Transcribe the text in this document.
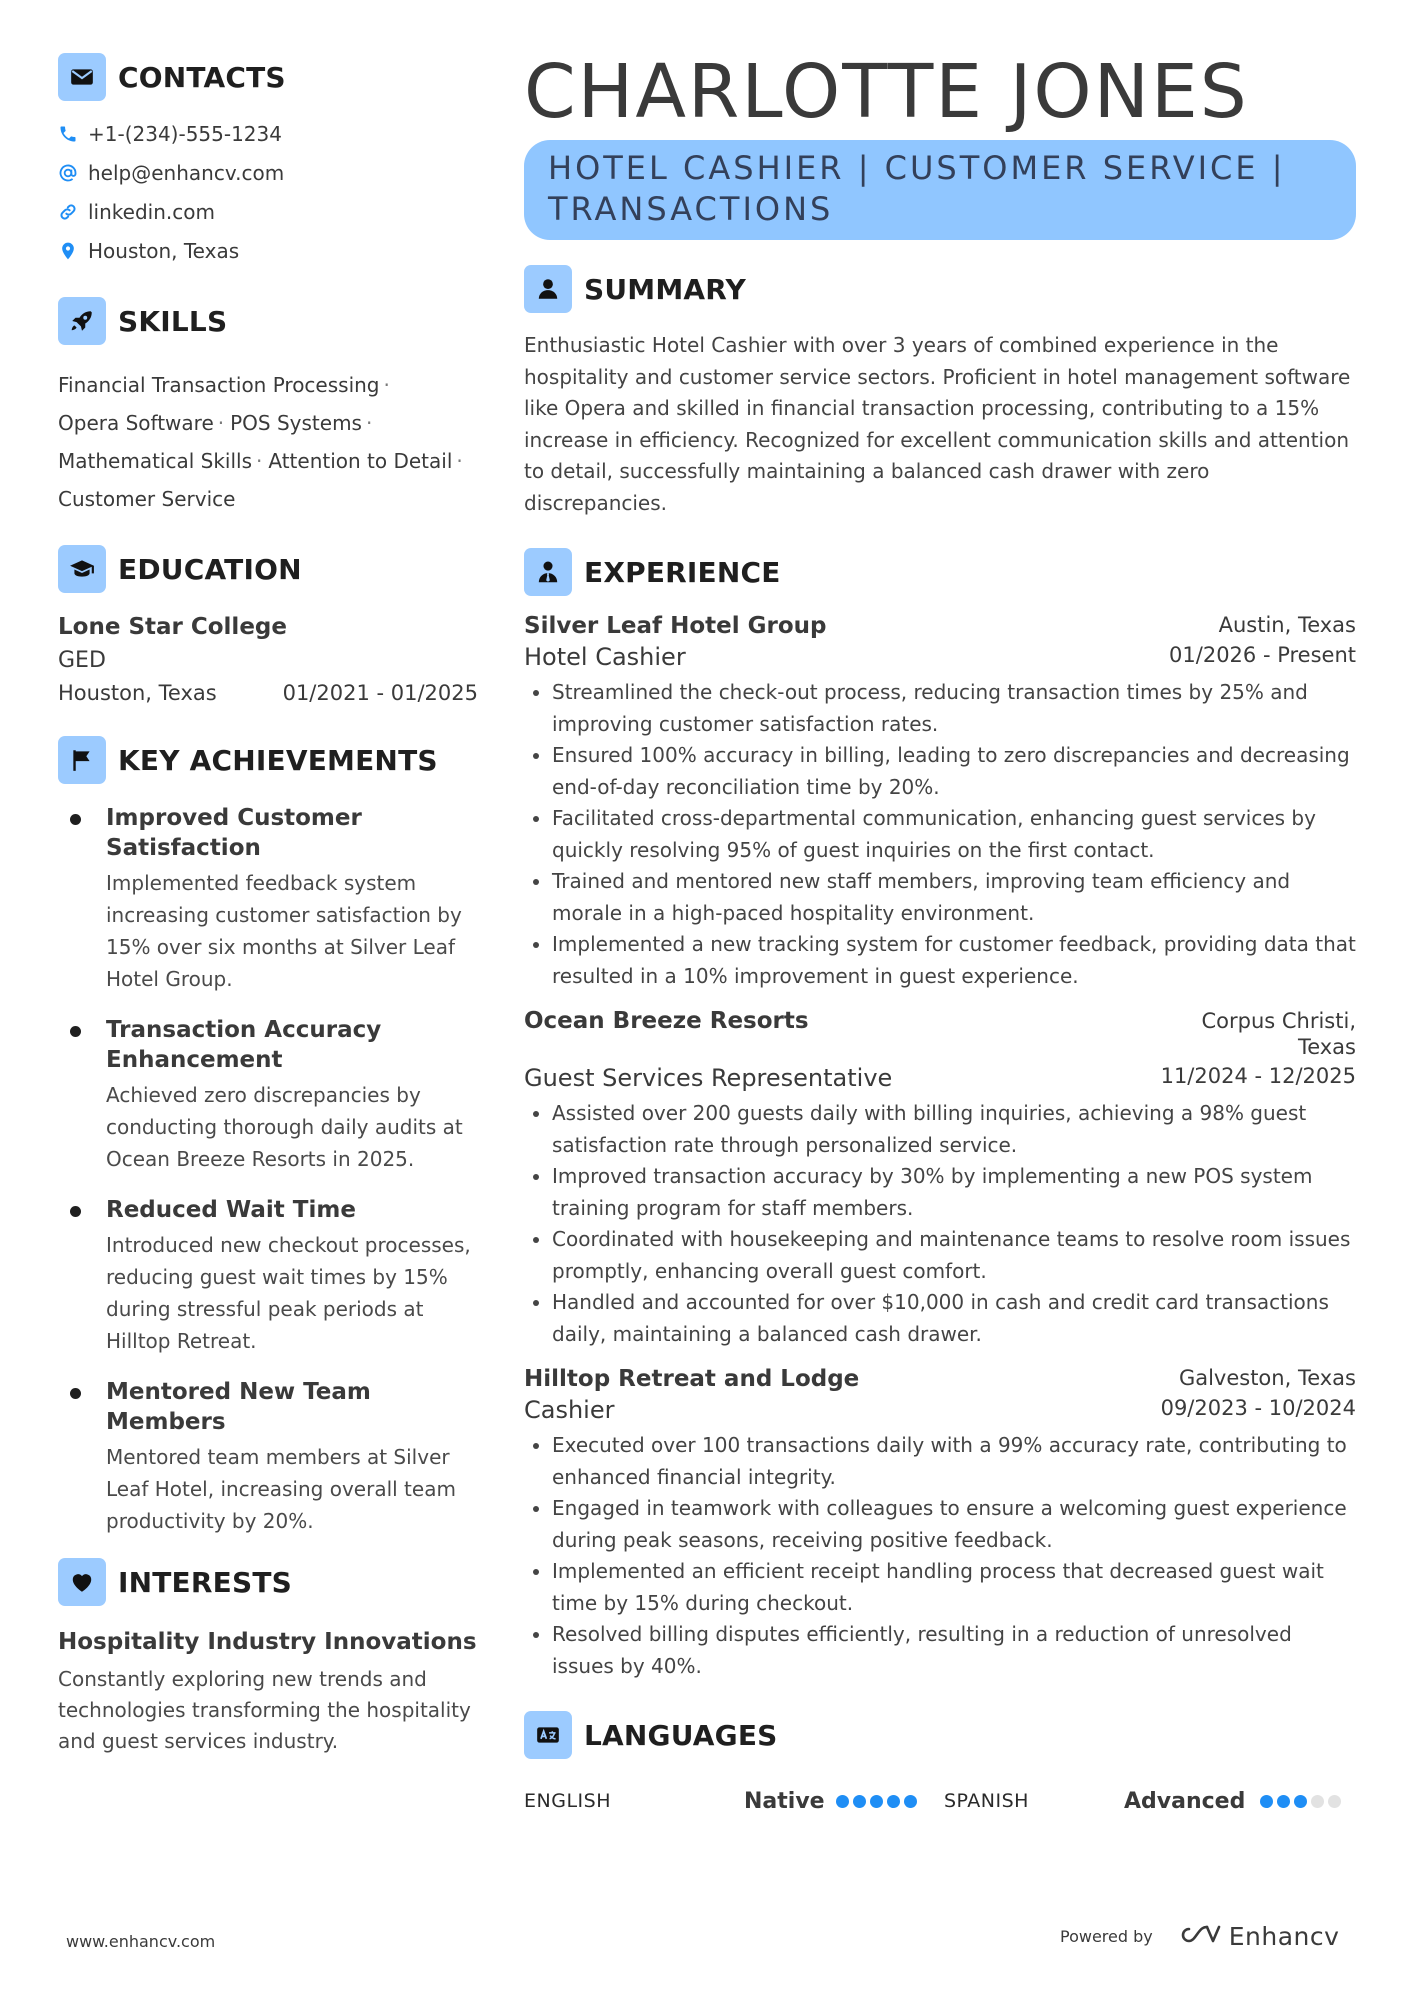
CONTACTS
+1-(234)-555-1234
help@enhancv.com
linkedin.com
Houston, Texas
SKILLS
Financial Transaction Processing ·
Opera Software · POS Systems ·
Mathematical Skills · Attention to Detail ·
Customer Service
EDUCATION
Lone Star College
GED
Houston, Texas	01/2021 - 01/2025
KEY ACHIEVEMENTS
Improved Customer Satisfaction
Implemented feedback system increasing customer satisfaction by 15% over six months at Silver Leaf Hotel Group.
Transaction Accuracy Enhancement
Achieved zero discrepancies by conducting thorough daily audits at Ocean Breeze Resorts in 2025.
Reduced Wait Time
Introduced new checkout processes, reducing guest wait times by 15% during stressful peak periods at Hilltop Retreat.
Mentored New Team Members
Mentored team members at Silver Leaf Hotel, increasing overall team productivity by 20%.
INTERESTS
Hospitality Industry Innovations
Constantly exploring new trends and technologies transforming the hospitality and guest services industry.
CHARLOTTE JONES
HOTEL CASHIER | CUSTOMER SERVICE | TRANSACTIONS
SUMMARY
Enthusiastic Hotel Cashier with over 3 years of combined experience in the hospitality and customer service sectors. Proficient in hotel management software like Opera and skilled in financial transaction processing, contributing to a 15% increase in efficiency. Recognized for excellent communication skills and attention to detail, successfully maintaining a balanced cash drawer with zero discrepancies.
EXPERIENCE
Silver Leaf Hotel Group	Austin, Texas
Hotel Cashier	01/2026 - Present
Streamlined the check-out process, reducing transaction times by 25% and improving customer satisfaction rates.
Ensured 100% accuracy in billing, leading to zero discrepancies and decreasing end-of-day reconciliation time by 20%.
Facilitated cross-departmental communication, enhancing guest services by quickly resolving 95% of guest inquiries on the first contact.
Trained and mentored new staff members, improving team efficiency and morale in a high-paced hospitality environment.
Implemented a new tracking system for customer feedback, providing data that resulted in a 10% improvement in guest experience.
Ocean Breeze Resorts	Corpus Christi, Texas
Guest Services Representative	11/2024 - 12/2025
Assisted over 200 guests daily with billing inquiries, achieving a 98% guest satisfaction rate through personalized service.
Improved transaction accuracy by 30% by implementing a new POS system training program for staff members.
Coordinated with housekeeping and maintenance teams to resolve room issues promptly, enhancing overall guest comfort.
Handled and accounted for over $10,000 in cash and credit card transactions daily, maintaining a balanced cash drawer.
Hilltop Retreat and Lodge	Galveston, Texas
Cashier	09/2023 - 10/2024
Executed over 100 transactions daily with a 99% accuracy rate, contributing to enhanced financial integrity.
Engaged in teamwork with colleagues to ensure a welcoming guest experience during peak seasons, receiving positive feedback.
Implemented an efficient receipt handling process that decreased guest wait time by 15% during checkout.
Resolved billing disputes efficiently, resulting in a reduction of unresolved issues by 40%.
LANGUAGES
ENGLISH	Native	SPANISH	Advanced
www.enhancv.com	Powered by	Enhancv
